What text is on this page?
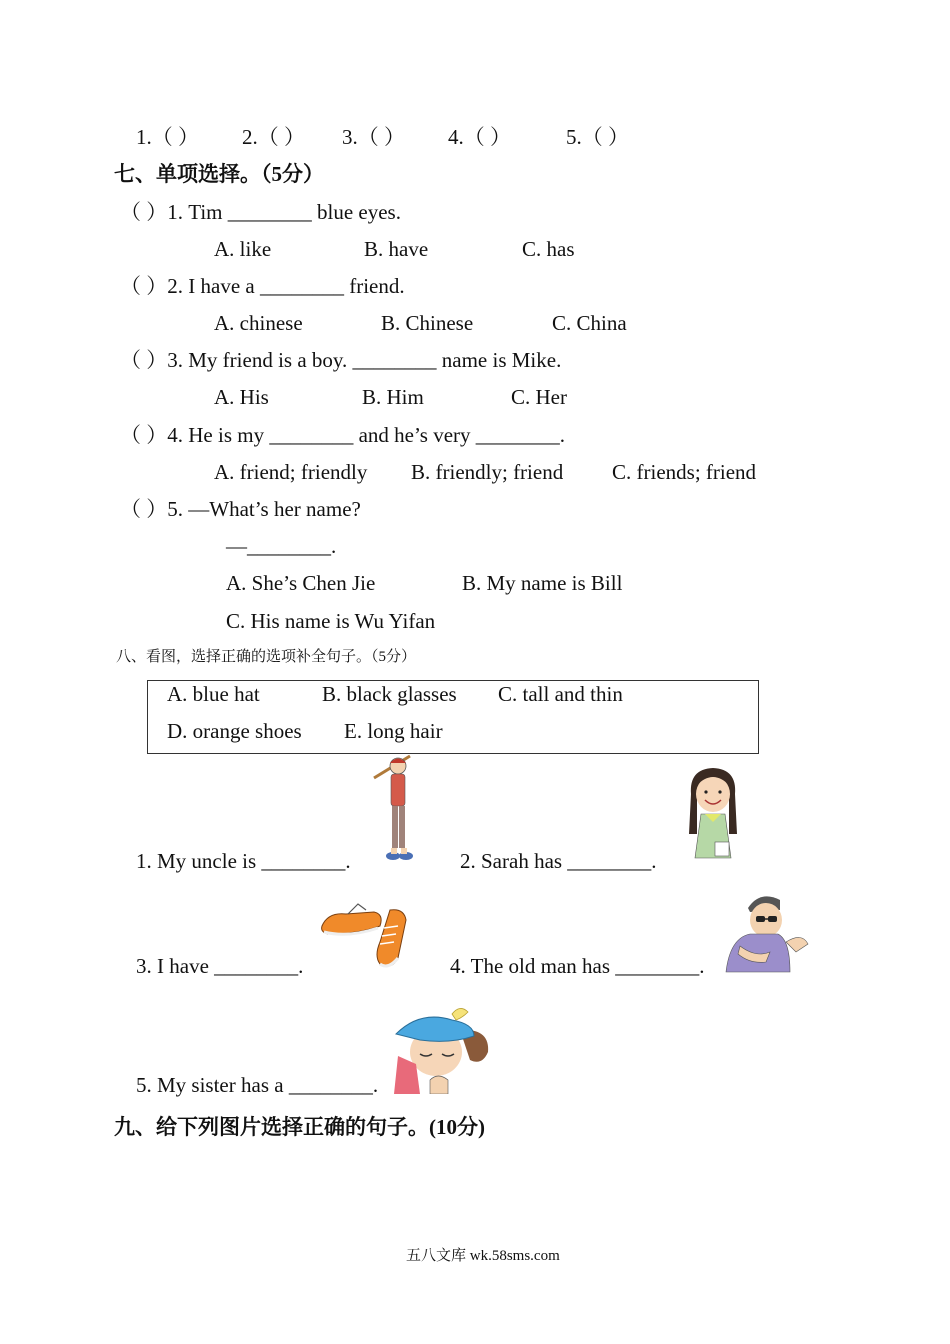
1.（ ） 2.（ ） 3.（ ） 4.（ ）	5.（ ）
七、单项选择。（5分）
（ ）1. Tim ________ blue eyes.
A. like	B. have	C. has
（ ）2. I have a ________ friend.
A. chinese	B. Chinese	C. China
（ ）3. My friend is a boy. ________ name is Mike.
A. His	B. Him	C. Her
（ ）4. He is my ________ and he’s very ________.
A. friend; friendly B. friendly; friend C. friends; friend
（ ）5. —What’s her name?
—________.
A. She’s Chen Jie	B. My name is Bill
C. His name is Wu Yifan
八、看图，选择正确的选项补全句子。（5分）
A. blue hat	B. black glasses C. tall and thin
D. orange shoes E. long hair
1. My uncle is ________.	2. Sarah has ________.
3. I have ________.	4. The old man has ________.
5. My sister has a ________.
九、给下列图片选择正确的句子。(10分)
五八文库 wk.58sms.com
